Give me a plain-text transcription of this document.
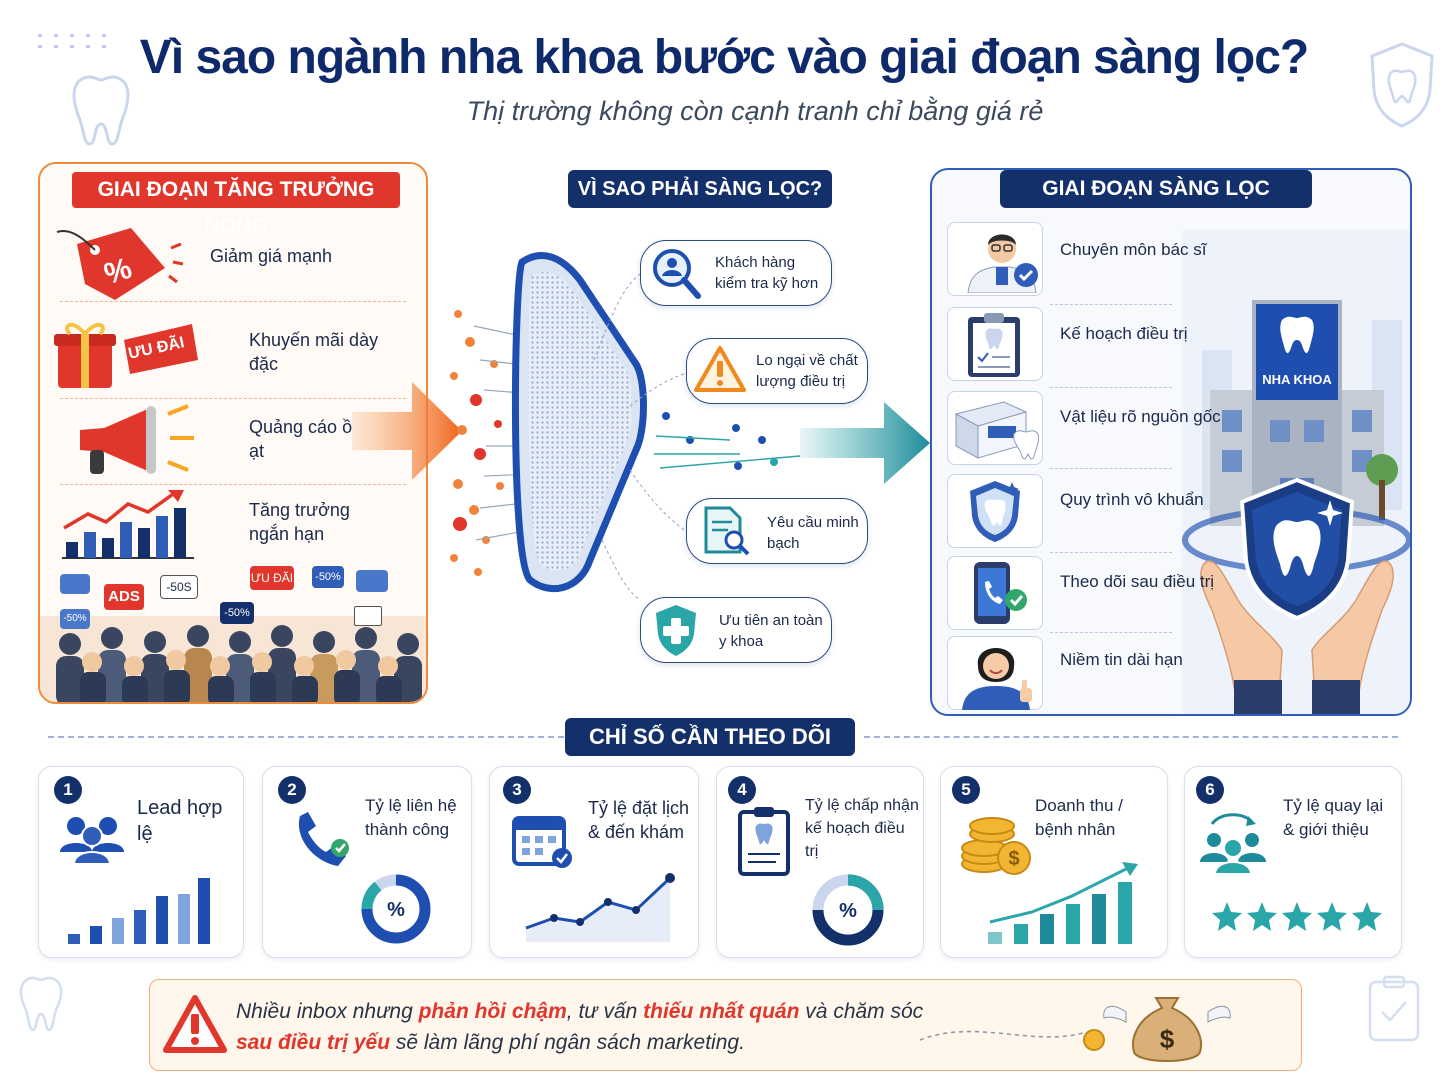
Vì sao ngành nha khoa bước vào giai đoạn sàng lọc?
Thị trường không còn cạnh tranh chỉ bằng giá rẻ
GIAI ĐOẠN TĂNG TRƯỞNG NÓNG
%	Giảm giá mạnh
ƯU ĐÃI	Khuyến mãi dày đặc
Quảng cáo ồ ạt
Tăng trưởng ngắn hạn
ADS
-50S
ƯU ĐÃI -50%
-50%	-50%
VÌ SAO PHẢI SÀNG LỌC?
Khách hàng kiểm tra kỹ hơn
Lo ngại về chất lượng điều trị
Yêu cầu minh bạch
Ưu tiên an toàn y khoa
NHA KHOA
GIAI ĐOẠN SÀNG LỌC
Chuyên môn bác sĩ
Kế hoạch điều trị
Vật liệu rõ nguồn gốc
Quy trình vô khuẩn
Theo dõi sau điều trị
Niềm tin dài hạn
CHỈ SỐ CẦN THEO DÕI
1
Lead hợp lệ
2
Tỷ lệ liên hệ thành công
%
3
Tỷ lệ đặt lịch & đến khám
4
Tỷ lệ chấp nhận kế hoạch điều trị
%
5
$
Doanh thu / bệnh nhân
6
Tỷ lệ quay lại & giới thiệu
Nhiều inbox nhưng phản hồi chậm, tư vấn thiếu nhất quán và chăm sóc sau điều trị yếu sẽ làm lãng phí ngân sách marketing.	$
